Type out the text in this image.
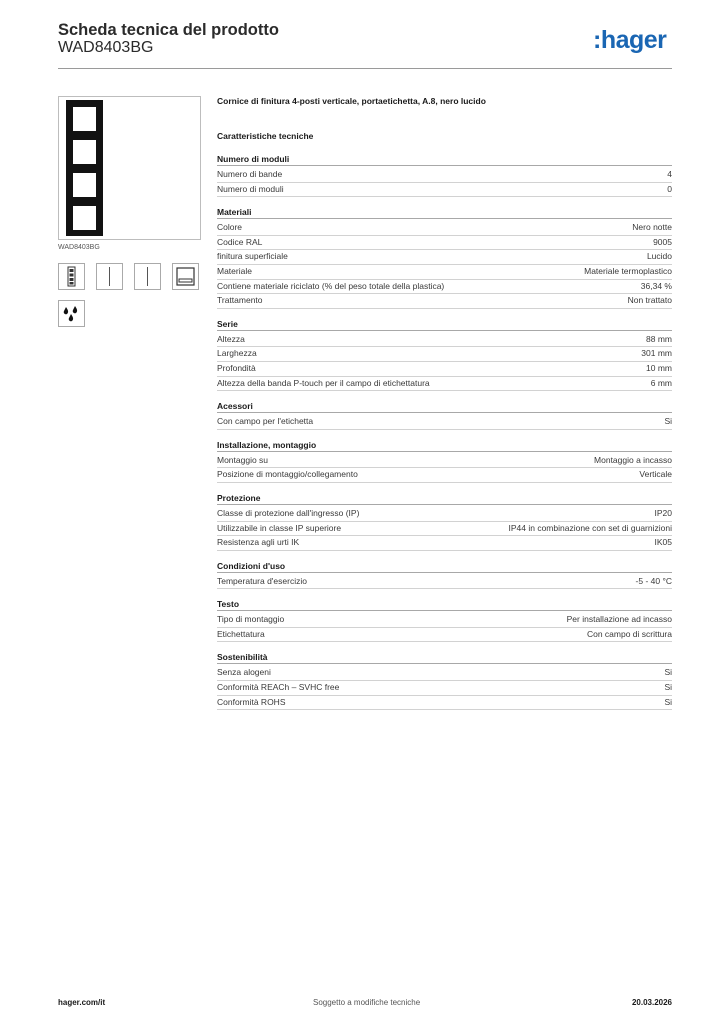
Scheda tecnica del prodotto
WAD8403BG	:hager
WAD8403BG

Cornice di finitura 4-posti verticale, portaetichetta, A.8, nero lucido

Caratteristiche tecniche
Numero di moduli
Numero di bande	4
Numero di moduli	0
Materiali
Colore	Nero notte
Codice RAL	9005
finitura superficiale	Lucido
Materiale	Materiale termoplastico
Contiene materiale riciclato (% del peso totale della plastica)	36,34 %
Trattamento	Non trattato
Serie
Altezza	88 mm
Larghezza	301 mm
Profondità	10 mm
Altezza della banda P-touch per il campo di etichettatura	6 mm
Acessori
Con campo per l'etichetta	Si
Installazione, montaggio
Montaggio su	Montaggio a incasso
Posizione di montaggio/collegamento	Verticale
Protezione
Classe di protezione dall'ingresso (IP)	IP20
Utilizzabile in classe IP superiore	IP44 in combinazione con set di guarnizioni
Resistenza agli urti IK	IK05
Condizioni d'uso
Temperatura d'esercizio	-5 - 40 °C
Testo
Tipo di montaggio	Per installazione ad incasso
Etichettatura	Con campo di scrittura
Sostenibilità
Senza alogeni	Si
Conformità REACh – SVHC free	Si
Conformità ROHS	Si
hager.com/it	Soggetto a modifiche tecniche	20.03.2026
